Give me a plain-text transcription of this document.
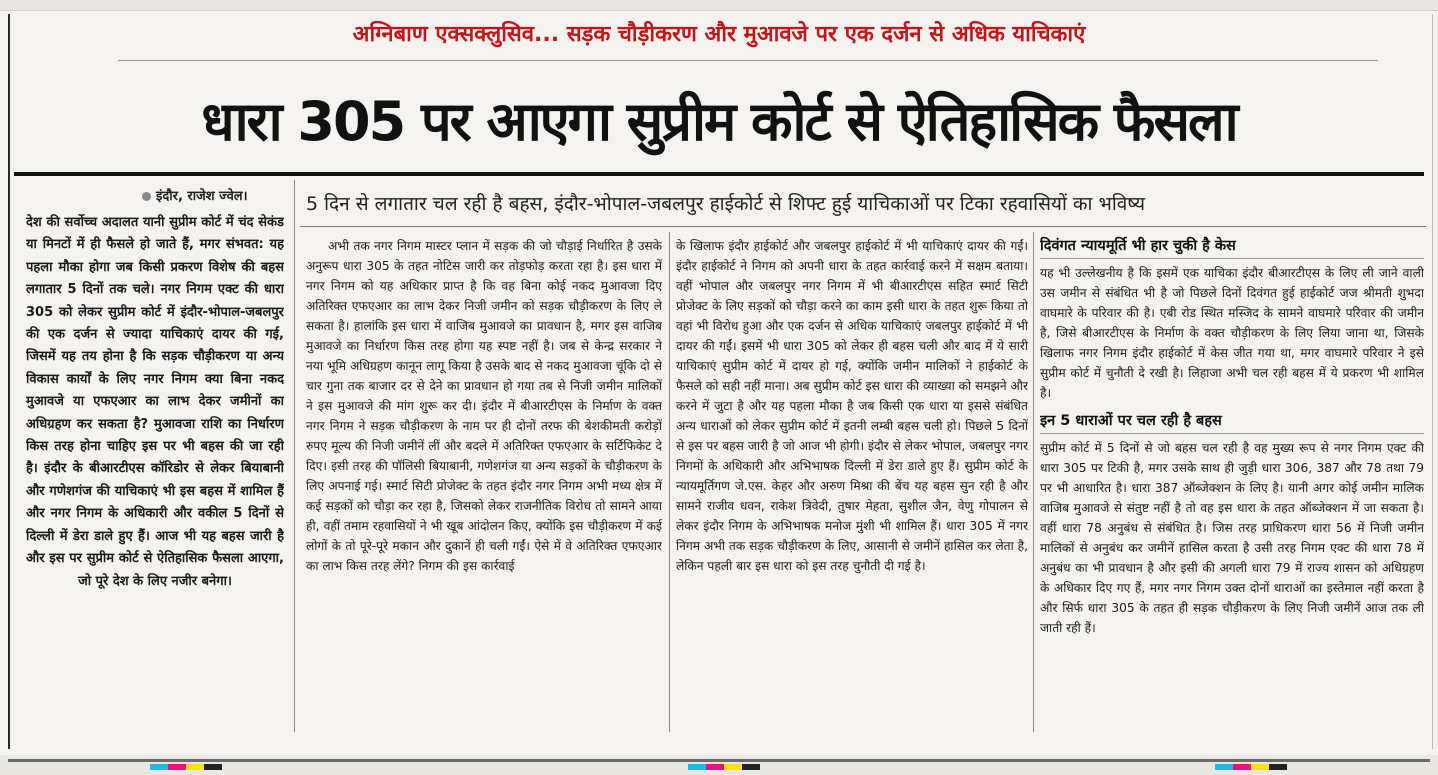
अग्निबाण एक्सक्लुसिव... सड़क चौड़ीकरण और मुआवजे पर एक दर्जन से अधिक याचिकाएं
धारा 305 पर आएगा सुप्रीम कोर्ट से ऐतिहासिक फैसला
इंदौर, राजेश ज्वेल।
देश की सर्वोच्च अदालत यानी सुप्रीम कोर्ट में चंद सेकंड या मिनटों में ही फैसले हो जाते हैं, मगर संभवत: यह पहला मौका होगा जब किसी प्रकरण विशेष की बहस लगातार 5 दिनों तक चले। नगर निगम एक्ट की धारा 305 को लेकर सुप्रीम कोर्ट में इंदौर-भोपाल-जबलपुर की एक दर्जन से ज्यादा याचिकाएं दायर की गई, जिसमें यह तय होना है कि सड़क चौड़ीकरण या अन्य विकास कार्यों के लिए नगर निगम क्या बिना नकद मुआवजे या एफएआर का लाभ देकर जमीनों का अधिग्रहण कर सकता है? मुआवजा राशि का निर्धारण किस तरह होना चाहिए इस पर भी बहस की जा रही है। इंदौर के बीआरटीएस कॉरिडोर से लेकर बियाबानी और गणेशगंज की याचिकाएं भी इस बहस में शामिल हैं और नगर निगम के अधिकारी और वकील 5 दिनों से दिल्ली में डेरा डाले हुए हैं। आज भी यह बहस जारी है और इस पर सुप्रीम कोर्ट से ऐतिहासिक फैसला आएगा, जो पूरे देश के लिए नजीर बनेगा।
5 दिन से लगातार चल रही है बहस, इंदौर-भोपाल-जबलपुर हाईकोर्ट से शिफ्ट हुई याचिकाओं पर टिका रहवासियों का भविष्य

अभी तक नगर निगम मास्टर प्लान में सड़क की जो चौड़ाई निर्धारित है उसके अनुरूप धारा 305 के तहत नोटिस जारी कर तोड़फोड़ करता रहा है। इस धारा में नगर निगम को यह अधिकार प्राप्त है कि वह बिना कोई नकद मुआवजा दिए अतिरिक्त एफएआर का लाभ देकर निजी जमीन को सड़क चौड़ीकरण के लिए ले सकता है। हालांकि इस धारा में वाजिब मुआवजे का प्रावधान है, मगर इस वाजिब मुआवजे का निर्धारण किस तरह होगा यह स्पष्ट नहीं है। जब से केन्द्र सरकार ने नया भूमि अधिग्रहण कानून लागू किया है उसके बाद से नकद मुआवजा चूंकि दो से चार गुना तक बाजार दर से देने का प्रावधान हो गया तब से निजी जमीन मालिकों ने इस मुआवजे की मांग शुरू कर दी। इंदौर में बीआरटीएस के निर्माण के वक्त नगर निगम ने सड़क चौड़ीकरण के नाम पर ही दोनों तरफ की बेशकीमती करोड़ों रुपए मूल्य की निजी जमीनें लीं और बदले में अतिरिक्त एफएआर के सर्टिफिकेट दे दिए। इसी तरह की पॉलिसी बियाबानी, गणेशगंज या अन्य सड़कों के चौड़ीकरण के लिए अपनाई गई। स्मार्ट सिटी प्रोजेक्ट के तहत इंदौर नगर निगम अभी मध्य क्षेत्र में कई सड़कों को चौड़ा कर रहा है, जिसको लेकर राजनीतिक विरोध तो सामने आया ही, वहीं तमाम रहवासियों ने भी खूब आंदोलन किए, क्योंकि इस चौड़ीकरण में कई लोगों के तो पूरे-पूरे मकान और दुकानें ही चली गईं। ऐसे में वे अतिरिक्त एफएआर का लाभ किस तरह लेंगे? निगम की इस कार्रवाई

के खिलाफ इंदौर हाईकोर्ट और जबलपुर हाईकोर्ट में भी याचिकाएं दायर की गईं। इंदौर हाईकोर्ट ने निगम को अपनी धारा के तहत कार्रवाई करने में सक्षम बताया। वहीं भोपाल और जबलपुर नगर निगम में भी बीआरटीएस सहित स्मार्ट सिटी प्रोजेक्ट के लिए सड़कों को चौड़ा करने का काम इसी धारा के तहत शुरू किया तो वहां भी विरोध हुआ और एक दर्जन से अधिक याचिकाएं जबलपुर हाईकोर्ट में भी दायर की गईं। इसमें भी धारा 305 को लेकर ही बहस चली और बाद में ये सारी याचिकाएं सुप्रीम कोर्ट में दायर हो गई, क्योंकि जमीन मालिकों ने हाईकोर्ट के फैसले को सही नहीं माना। अब सुप्रीम कोर्ट इस धारा की व्याख्या को समझने और करने में जुटा है और यह पहला मौका है जब किसी एक धारा या इससे संबंधित अन्य धाराओं को लेकर सुप्रीम कोर्ट में इतनी लम्बी बहस चली हो। पिछले 5 दिनों से इस पर बहस जारी है जो आज भी होगी। इंदौर से लेकर भोपाल, जबलपुर नगर निगमों के अधिकारी और अभिभाषक दिल्ली में डेरा डाले हुए हैं। सुप्रीम कोर्ट के न्यायमूर्तिगण जे.एस. केहर और अरुण मिश्रा की बेंच यह बहस सुन रही है और सामने राजीव धवन, राकेश त्रिवेदी, तुषार मेहता, सुशील जैन, वेणु गोपालन से लेकर इंदौर निगम के अभिभाषक मनोज मुंशी भी शामिल हैं। धारा 305 में नगर निगम अभी तक सड़क चौड़ीकरण के लिए, आसानी से जमीनें हासिल कर लेता है, लेकिन पहली बार इस धारा को इस तरह चुनौती दी गई है।

दिवंगत न्यायमूर्ति भी हार चुकी है केस

यह भी उल्लेखनीय है कि इसमें एक याचिका इंदौर बीआरटीएस के लिए ली जाने वाली उस जमीन से संबंधित भी है जो पिछले दिनों दिवंगत हुई हाईकोर्ट जज श्रीमती शुभदा वाघमारे के परिवार की है। एबी रोड स्थित मस्जिद के सामने वाघमारे परिवार की जमीन है, जिसे बीआरटीएस के निर्माण के वक्त चौड़ीकरण के लिए लिया जाना था, जिसके खिलाफ नगर निगम इंदौर हाईकोर्ट में केस जीत गया था, मगर वाघमारे परिवार ने इसे सुप्रीम कोर्ट में चुनौती दे रखी है। लिहाजा अभी चल रही बहस में ये प्रकरण भी शामिल है।

इन 5 धाराओं पर चल रही है बहस

सुप्रीम कोर्ट में 5 दिनों से जो बहस चल रही है वह मुख्य रूप से नगर निगम एक्ट की धारा 305 पर टिकी है, मगर उसके साथ ही जुड़ी धारा 306, 387 और 78 तथा 79 पर भी आधारित है। धारा 387 ऑब्जेक्शन के लिए है। यानी अगर कोई जमीन मालिक वाजिब मुआवजे से संतुष्ट नहीं है तो वह इस धारा के तहत ऑब्जेक्शन में जा सकता है। वहीं धारा 78 अनुबंध से संबंधित है। जिस तरह प्राधिकरण धारा 56 में निजी जमीन मालिकों से अनुबंध कर जमीनें हासिल करता है उसी तरह निगम एक्ट की धारा 78 में अनुबंध का भी प्रावधान है और इसी की अगली धारा 79 में राज्य शासन को अधिग्रहण के अधिकार दिए गए हैं, मगर नगर निगम उक्त दोनों धाराओं का इस्तेमाल नहीं करता है और सिर्फ धारा 305 के तहत ही सड़क चौड़ीकरण के लिए निजी जमीनें आज तक ली जाती रही हैं।
